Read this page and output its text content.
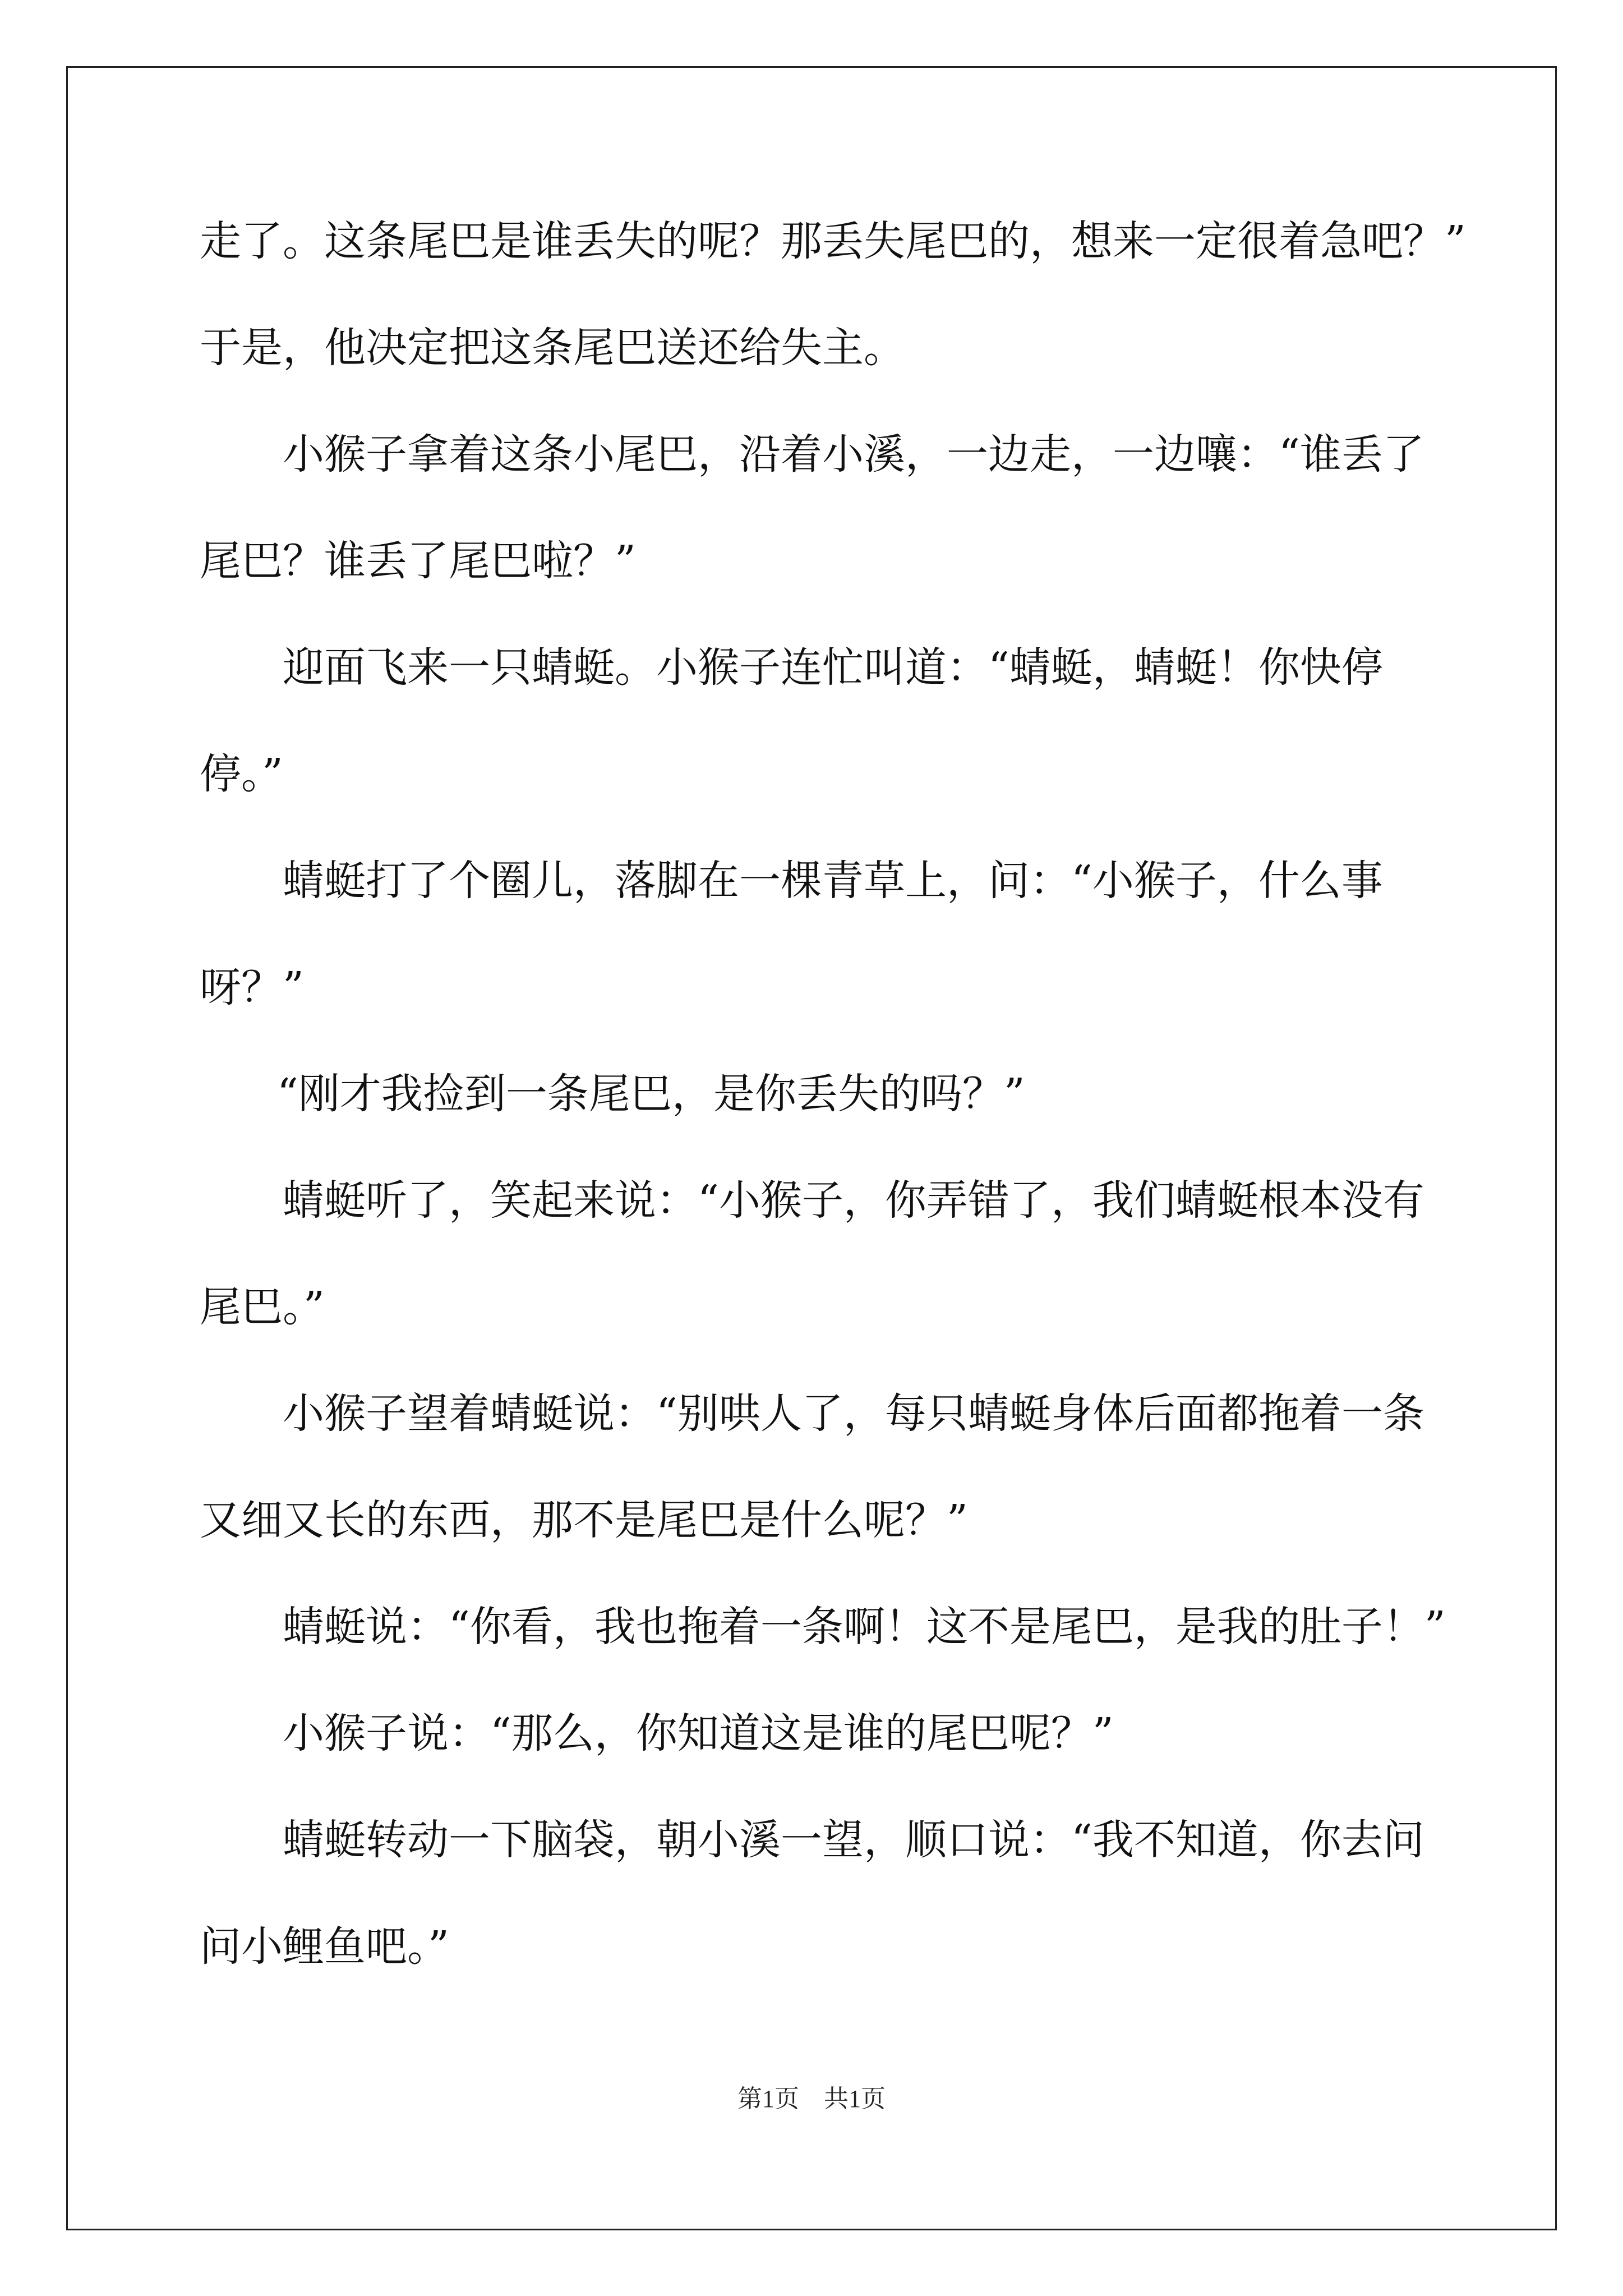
走了。这条尾巴是谁丢失的呢？那丢失尾巴的，想来一定很着急吧？”
于是，他决定把这条尾巴送还给失主。
小猴子拿着这条小尾巴，沿着小溪，一边走，一边嚷：“谁丢了
尾巴？谁丢了尾巴啦？”
迎面飞来一只蜻蜓。小猴子连忙叫道：“蜻蜓，蜻蜓！你快停
停。”
蜻蜓打了个圈儿，落脚在一棵青草上，问：“小猴子，什么事
呀？”
“刚才我捡到一条尾巴，是你丢失的吗？”
蜻蜓听了，笑起来说：“小猴子，你弄错了，我们蜻蜓根本没有
尾巴。”
小猴子望着蜻蜓说：“别哄人了，每只蜻蜓身体后面都拖着一条
又细又长的东西，那不是尾巴是什么呢？”
蜻蜓说：“你看，我也拖着一条啊！这不是尾巴，是我的肚子！”
小猴子说：“那么，你知道这是谁的尾巴呢？”
蜻蜓转动一下脑袋，朝小溪一望，顺口说：“我不知道，你去问
问小鲤鱼吧。”
第1页　共1页
